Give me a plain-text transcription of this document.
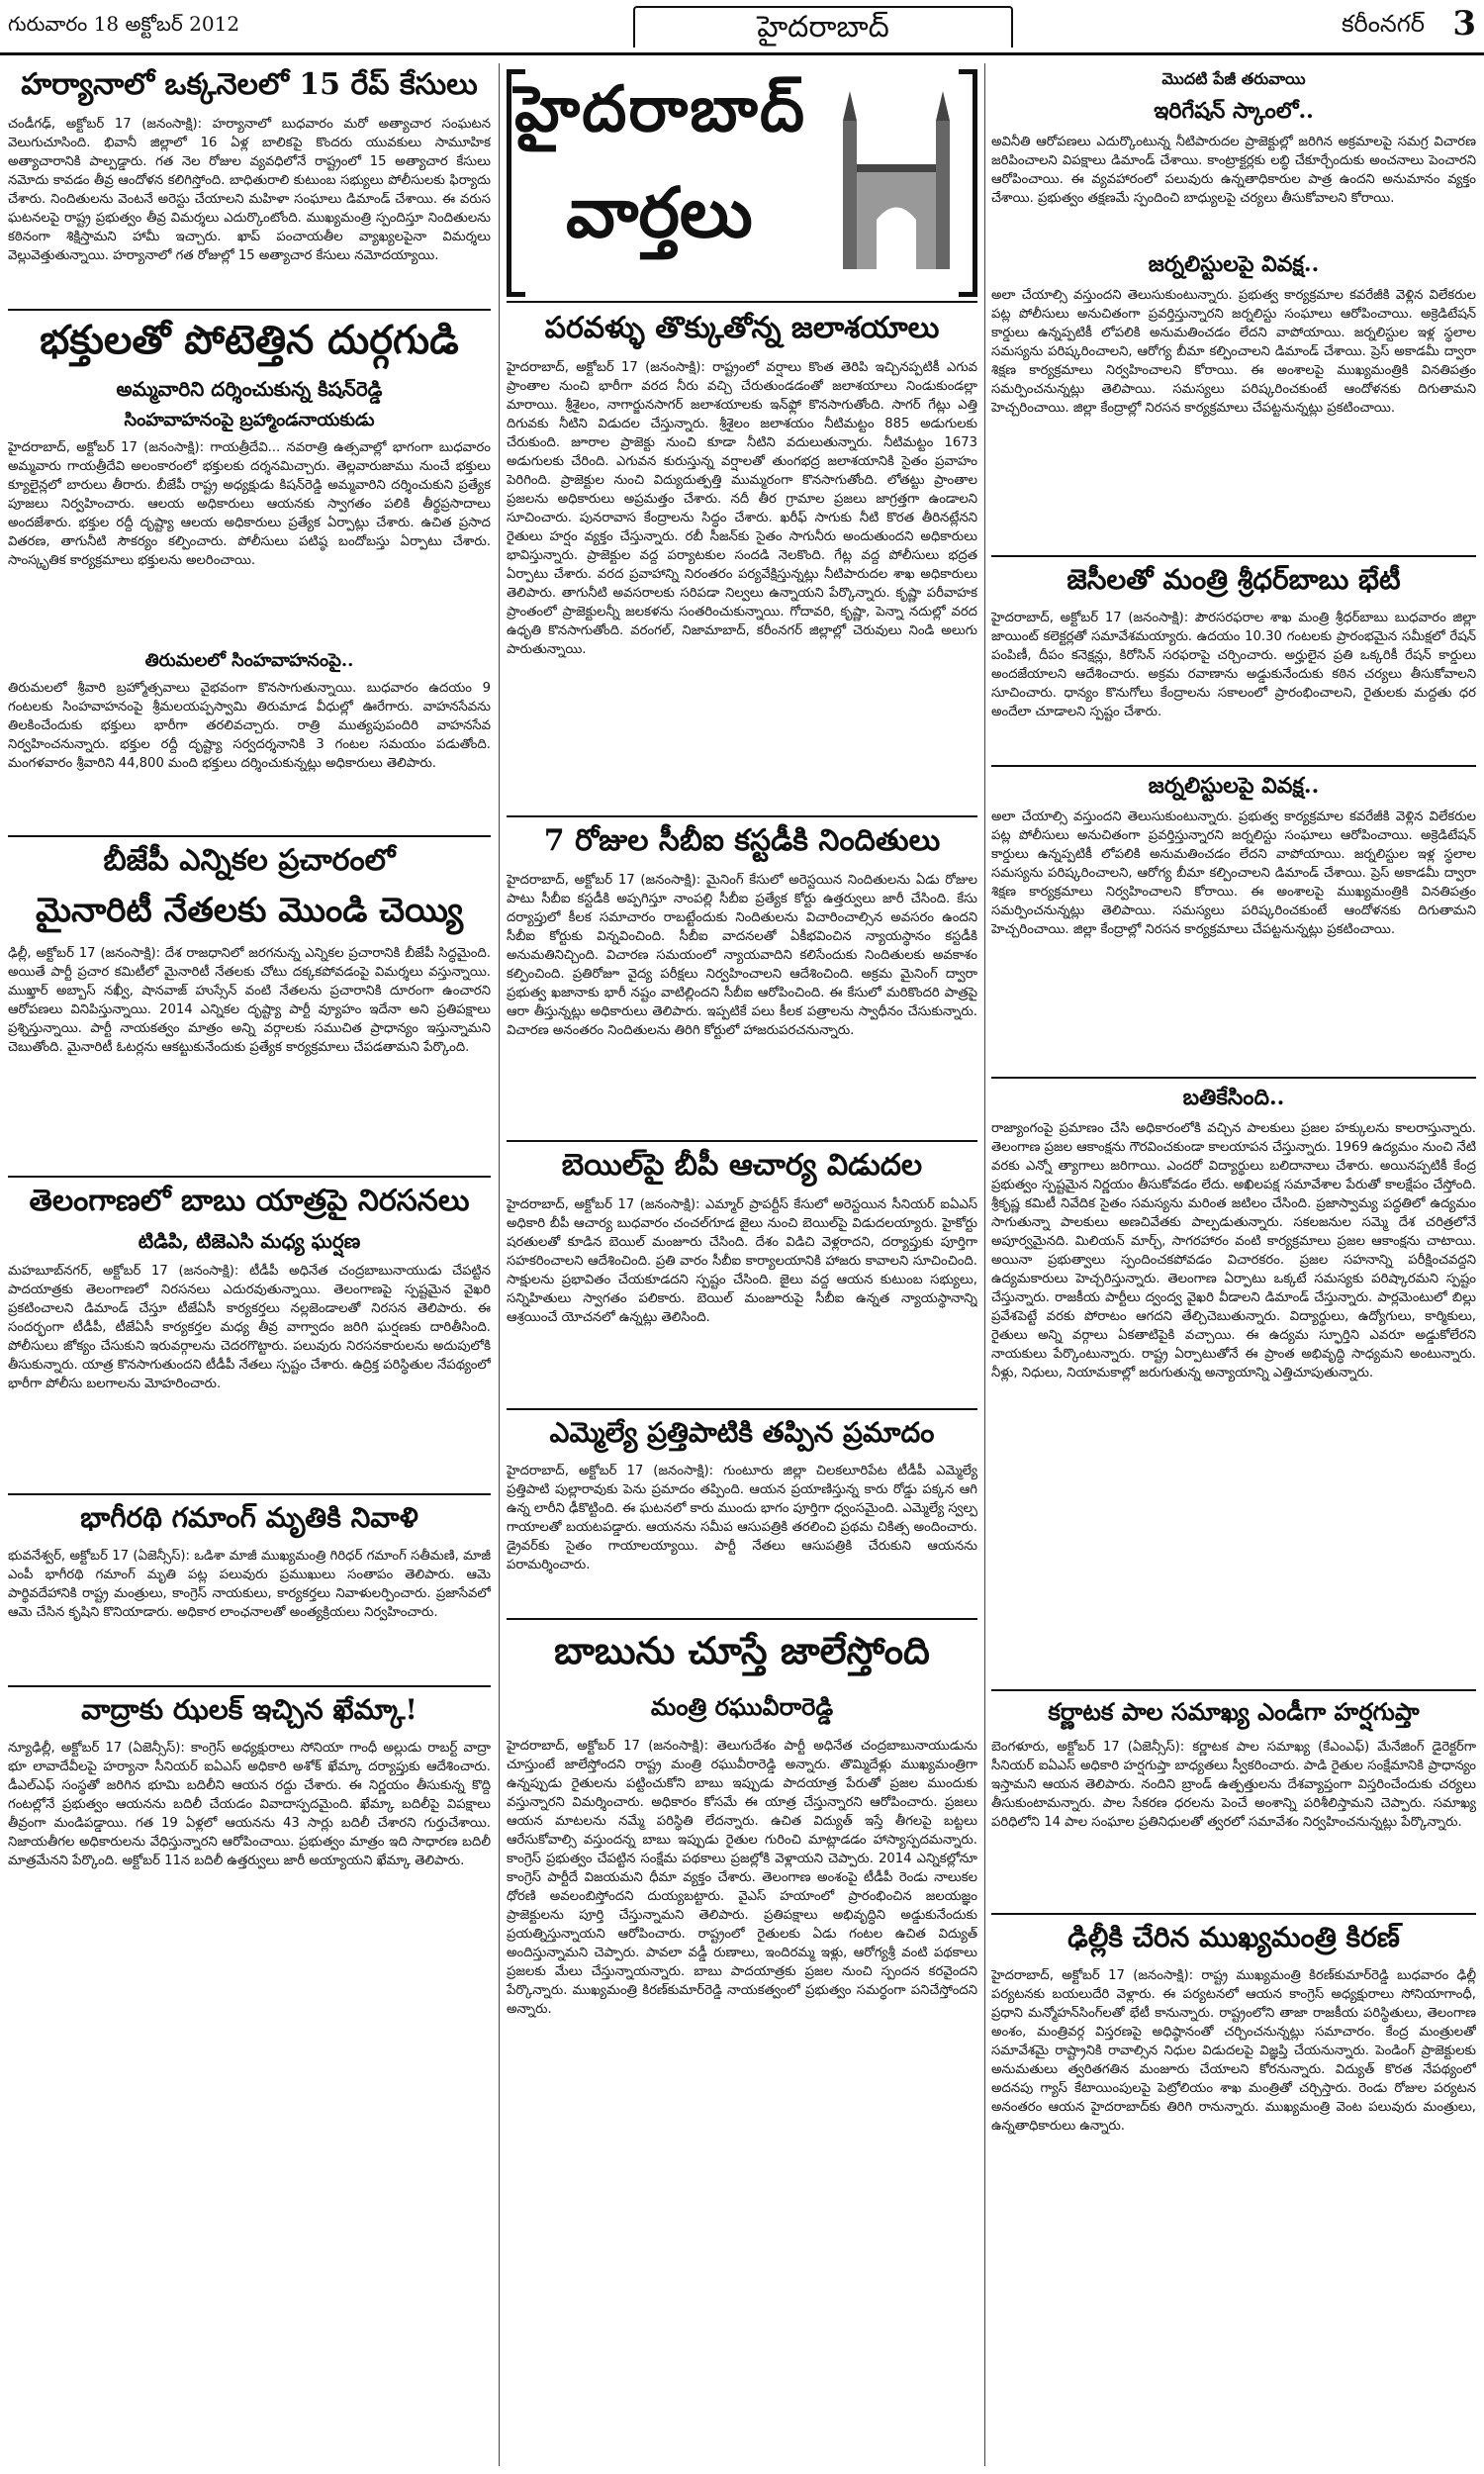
గురువారం 18 అక్టోబర్ 2012	హైదరాబాద్	కరీంనగర్ 3
హర్యానాలో ఒక్కనెలలో 15 రేప్ కేసులు

చండీగఢ్, అక్టోబర్ 17 (జనంసాక్షి): హర్యానాలో బుధవారం మరో అత్యాచార సంఘటన వెలుగుచూసింది. భివానీ జిల్లాలో 16 ఏళ్ల బాలికపై కొందరు యువకులు సామూహిక అత్యాచారానికి పాల్పడ్డారు. గత నెల రోజుల వ్యవధిలోనే రాష్ట్రంలో 15 అత్యాచార కేసులు నమోదు కావడం తీవ్ర ఆందోళన కలిగిస్తోంది. బాధితురాలి కుటుంబ సభ్యులు పోలీసులకు ఫిర్యాదు చేశారు. నిందితులను వెంటనే అరెస్టు చేయాలని మహిళా సంఘాలు డిమాండ్ చేశాయి. ఈ వరుస ఘటనలపై రాష్ట్ర ప్రభుత్వం తీవ్ర విమర్శలు ఎదుర్కొంటోంది. ముఖ్యమంత్రి స్పందిస్తూ నిందితులను కఠినంగా శిక్షిస్తామని హామీ ఇచ్చారు. ఖాప్ పంచాయతీల వ్యాఖ్యలపైనా విమర్శలు వెల్లువెత్తుతున్నాయి. హర్యానాలో గత రోజుల్లో 15 అత్యాచార కేసులు నమోదయ్యాయి.

భక్తులతో పోటెత్తిన దుర్గగుడి
అమ్మవారిని దర్శించుకున్న కిషన్‌రెడ్డి
సింహవాహనంపై బ్రహ్మాండనాయకుడు

హైదరాబాద్, అక్టోబర్ 17 (జనంసాక్షి): గాయత్రీదేవి... నవరాత్రి ఉత్సవాల్లో భాగంగా బుధవారం అమ్మవారు గాయత్రీదేవి అలంకారంలో భక్తులకు దర్శనమిచ్చారు. తెల్లవారుజాము నుంచే భక్తులు క్యూలైన్లలో బారులు తీరారు. బీజేపీ రాష్ట్ర అధ్యక్షుడు కిషన్‌రెడ్డి అమ్మవారిని దర్శించుకుని ప్రత్యేక పూజలు నిర్వహించారు. ఆలయ అధికారులు ఆయనకు స్వాగతం పలికి తీర్థప్రసాదాలు అందజేశారు. భక్తుల రద్దీ దృష్ట్యా ఆలయ అధికారులు ప్రత్యేక ఏర్పాట్లు చేశారు. ఉచిత ప్రసాద వితరణ, తాగునీటి సౌకర్యం కల్పించారు. పోలీసులు పటిష్ఠ బందోబస్తు ఏర్పాటు చేశారు. సాంస్కృతిక కార్యక్రమాలు భక్తులను అలరించాయి.

తిరుమలలో సింహవాహనంపై..

తిరుమలలో శ్రీవారి బ్రహ్మోత్సవాలు వైభవంగా కొనసాగుతున్నాయి. బుధవారం ఉదయం 9 గంటలకు సింహవాహనంపై శ్రీమలయప్పస్వామి తిరుమాడ వీధుల్లో ఊరేగారు. వాహనసేవను తిలకించేందుకు భక్తులు భారీగా తరలివచ్చారు. రాత్రి ముత్యపుపందిరి వాహనసేవ నిర్వహించనున్నారు. భక్తుల రద్దీ దృష్ట్యా సర్వదర్శనానికి 3 గంటల సమయం పడుతోంది. మంగళవారం శ్రీవారిని 44,800 మంది భక్తులు దర్శించుకున్నట్లు అధికారులు తెలిపారు.

బీజేపీ ఎన్నికల ప్రచారంలో
మైనారిటీ నేతలకు మొండి చెయ్యి

ఢిల్లీ, అక్టోబర్ 17 (జనంసాక్షి): దేశ రాజధానిలో జరగనున్న ఎన్నికల ప్రచారానికి బీజేపీ సిద్ధమైంది. అయితే పార్టీ ప్రచార కమిటీలో మైనారిటీ నేతలకు చోటు దక్కకపోవడంపై విమర్శలు వస్తున్నాయి. ముఖ్తార్ అబ్బాస్ నఖ్వీ, షానవాజ్ హుస్సేన్ వంటి నేతలను ప్రచారానికి దూరంగా ఉంచారని ఆరోపణలు వినిపిస్తున్నాయి. 2014 ఎన్నికల దృష్ట్యా పార్టీ వ్యూహం ఇదేనా అని ప్రతిపక్షాలు ప్రశ్నిస్తున్నాయి. పార్టీ నాయకత్వం మాత్రం అన్ని వర్గాలకు సముచిత ప్రాధాన్యం ఇస్తున్నామని చెబుతోంది. మైనారిటీ ఓటర్లను ఆకట్టుకునేందుకు ప్రత్యేక కార్యక్రమాలు చేపడతామని పేర్కొంది.

తెలంగాణలో బాబు యాత్రపై నిరసనలు
టిడిపి, టిజెఎసి మధ్య ఘర్షణ

మహబూబ్‌నగర్, అక్టోబర్ 17 (జనంసాక్షి): టీడీపీ అధినేత చంద్రబాబునాయుడు చేపట్టిన పాదయాత్రకు తెలంగాణలో నిరసనలు ఎదురవుతున్నాయి. తెలంగాణపై స్పష్టమైన వైఖరి ప్రకటించాలని డిమాండ్ చేస్తూ టీజేఏసీ కార్యకర్తలు నల్లజెండాలతో నిరసన తెలిపారు. ఈ సందర్భంగా టీడీపీ, టీజేఏసీ కార్యకర్తల మధ్య తీవ్ర వాగ్వాదం జరిగి ఘర్షణకు దారితీసింది. పోలీసులు జోక్యం చేసుకుని ఇరువర్గాలను చెదరగొట్టారు. పలువురు నిరసనకారులను అదుపులోకి తీసుకున్నారు. యాత్ర కొనసాగుతుందని టీడీపీ నేతలు స్పష్టం చేశారు. ఉద్రిక్త పరిస్థితుల నేపథ్యంలో భారీగా పోలీసు బలగాలను మోహరించారు.

భాగీరథి గమాంగ్ మృతికి నివాళి

భువనేశ్వర్, అక్టోబర్ 17 (ఏజెన్సీస్): ఒడిశా మాజీ ముఖ్యమంత్రి గిరిధర్ గమాంగ్ సతీమణి, మాజీ ఎంపీ భాగీరథి గమాంగ్ మృతి పట్ల పలువురు ప్రముఖులు సంతాపం తెలిపారు. ఆమె పార్థివదేహానికి రాష్ట్ర మంత్రులు, కాంగ్రెస్ నాయకులు, కార్యకర్తలు నివాళులర్పించారు. ప్రజాసేవలో ఆమె చేసిన కృషిని కొనియాడారు. అధికార లాంఛనాలతో అంత్యక్రియలు నిర్వహించారు.

వాద్రాకు ఝలక్ ఇచ్చిన ఖేమ్కా!

న్యూఢిల్లీ, అక్టోబర్ 17 (ఏజెన్సీస్): కాంగ్రెస్ అధ్యక్షురాలు సోనియా గాంధీ అల్లుడు రాబర్ట్ వాద్రా భూ లావాదేవీలపై హర్యానా సీనియర్ ఐఏఎస్ అధికారి అశోక్ ఖేమ్కా దర్యాప్తుకు ఆదేశించారు. డీఎల్‌ఎఫ్ సంస్థతో జరిగిన భూమి బదిలీని ఆయన రద్దు చేశారు. ఈ నిర్ణయం తీసుకున్న కొద్ది గంటల్లోనే ప్రభుత్వం ఆయనను బదిలీ చేయడం వివాదాస్పదమైంది. ఖేమ్కా బదిలీపై విపక్షాలు తీవ్రంగా మండిపడ్డాయి. గత 19 ఏళ్లలో ఆయనను 43 సార్లు బదిలీ చేశారని గుర్తుచేశాయి. నిజాయతీగల అధికారులను వేధిస్తున్నారని ఆరోపించాయి. ప్రభుత్వం మాత్రం ఇది సాధారణ బదిలీ మాత్రమేనని పేర్కొంది. అక్టోబర్ 11న బదిలీ ఉత్తర్వులు జారీ అయ్యాయని ఖేమ్కా తెలిపారు.

హైదరాబాద్
వార్తలు
పరవళ్ళు తొక్కుతోన్న జలాశయాలు

హైదరాబాద్, అక్టోబర్ 17 (జనంసాక్షి): రాష్ట్రంలో వర్షాలు కొంత తెరిపి ఇచ్చినప్పటికీ ఎగువ ప్రాంతాల నుంచి భారీగా వరద నీరు వచ్చి చేరుతుండడంతో జలాశయాలు నిండుకుండల్లా మారాయి. శ్రీశైలం, నాగార్జునసాగర్ జలాశయాలకు ఇన్‌ఫ్లో కొనసాగుతోంది. సాగర్ గేట్లు ఎత్తి దిగువకు నీటిని విడుదల చేస్తున్నారు. శ్రీశైలం జలాశయం నీటిమట్టం 885 అడుగులకు చేరుకుంది. జూరాల ప్రాజెక్టు నుంచి కూడా నీటిని వదులుతున్నారు. నీటిమట్టం 1673 అడుగులకు చేరింది. ఎగువన కురుస్తున్న వర్షాలతో తుంగభద్ర జలాశయానికి సైతం ప్రవాహం పెరిగింది. ప్రాజెక్టుల నుంచి విద్యుదుత్పత్తి ముమ్మరంగా కొనసాగుతోంది. లోతట్టు ప్రాంతాల ప్రజలను అధికారులు అప్రమత్తం చేశారు. నదీ తీర గ్రామాల ప్రజలు జాగ్రత్తగా ఉండాలని సూచించారు. పునరావాస కేంద్రాలను సిద్ధం చేశారు. ఖరీఫ్ సాగుకు నీటి కొరత తీరినట్లేనని రైతులు హర్షం వ్యక్తం చేస్తున్నారు. రబీ సీజన్‌కు సైతం సాగునీరు అందుతుందని అధికారులు భావిస్తున్నారు. ప్రాజెక్టుల వద్ద పర్యాటకుల సందడి నెలకొంది. గేట్ల వద్ద పోలీసులు భద్రత ఏర్పాటు చేశారు. వరద ప్రవాహాన్ని నిరంతరం పర్యవేక్షిస్తున్నట్లు నీటిపారుదల శాఖ అధికారులు తెలిపారు. తాగునీటి అవసరాలకు సరిపడా నిల్వలు ఉన్నాయని పేర్కొన్నారు. కృష్ణా పరీవాహక ప్రాంతంలో ప్రాజెక్టులన్నీ జలకళను సంతరించుకున్నాయి. గోదావరి, కృష్ణా, పెన్నా నదుల్లో వరద ఉధృతి కొనసాగుతోంది. వరంగల్, నిజామాబాద్, కరీంనగర్ జిల్లాల్లో చెరువులు నిండి అలుగు పారుతున్నాయి.

7 రోజుల సీబీఐ కస్టడీకి నిందితులు

హైదరాబాద్, అక్టోబర్ 17 (జనంసాక్షి): మైనింగ్ కేసులో అరెస్టయిన నిందితులను ఏడు రోజుల పాటు సీబీఐ కస్టడీకి అప్పగిస్తూ నాంపల్లి సీబీఐ ప్రత్యేక కోర్టు ఉత్తర్వులు జారీ చేసింది. కేసు దర్యాప్తులో కీలక సమాచారం రాబట్టేందుకు నిందితులను విచారించాల్సిన అవసరం ఉందని సీబీఐ కోర్టుకు విన్నవించింది. సీబీఐ వాదనలతో ఏకీభవించిన న్యాయస్థానం కస్టడీకి అనుమతినిచ్చింది. విచారణ సమయంలో న్యాయవాదిని కలిసేందుకు నిందితులకు అవకాశం కల్పించింది. ప్రతిరోజూ వైద్య పరీక్షలు నిర్వహించాలని ఆదేశించింది. అక్రమ మైనింగ్ ద్వారా ప్రభుత్వ ఖజానాకు భారీ నష్టం వాటిల్లిందని సీబీఐ ఆరోపించింది. ఈ కేసులో మరికొందరి పాత్రపై ఆరా తీస్తున్నట్లు అధికారులు తెలిపారు. ఇప్పటికే పలు కీలక పత్రాలను స్వాధీనం చేసుకున్నారు. విచారణ అనంతరం నిందితులను తిరిగి కోర్టులో హాజరుపరచనున్నారు.

బెయిల్‌పై బీపీ ఆచార్య విడుదల

హైదరాబాద్, అక్టోబర్ 17 (జనంసాక్షి): ఎమ్మార్ ప్రాపర్టీస్ కేసులో అరెస్టయిన సీనియర్ ఐఏఎస్ అధికారి బీపీ ఆచార్య బుధవారం చంచల్‌గూడ జైలు నుంచి బెయిల్‌పై విడుదలయ్యారు. హైకోర్టు షరతులతో కూడిన బెయిల్ మంజూరు చేసింది. దేశం విడిచి వెళ్లరాదని, దర్యాప్తుకు పూర్తిగా సహకరించాలని ఆదేశించింది. ప్రతి వారం సీబీఐ కార్యాలయానికి హాజరు కావాలని సూచించింది. సాక్షులను ప్రభావితం చేయకూడదని స్పష్టం చేసింది. జైలు వద్ద ఆయన కుటుంబ సభ్యులు, సన్నిహితులు స్వాగతం పలికారు. బెయిల్ మంజూరుపై సీబీఐ ఉన్నత న్యాయస్థానాన్ని ఆశ్రయించే యోచనలో ఉన్నట్లు తెలిసింది.

ఎమ్మెల్యే ప్రత్తిపాటికి తప్పిన ప్రమాదం

హైదరాబాద్, అక్టోబర్ 17 (జనంసాక్షి): గుంటూరు జిల్లా చిలకలూరిపేట టీడీపీ ఎమ్మెల్యే ప్రత్తిపాటి పుల్లారావుకు పెను ప్రమాదం తప్పింది. ఆయన ప్రయాణిస్తున్న కారు రోడ్డు పక్కన ఆగి ఉన్న లారీని ఢీకొట్టింది. ఈ ఘటనలో కారు ముందు భాగం పూర్తిగా ధ్వంసమైంది. ఎమ్మెల్యే స్వల్ప గాయాలతో బయటపడ్డారు. ఆయనను సమీప ఆసుపత్రికి తరలించి ప్రథమ చికిత్స అందించారు. డ్రైవర్‌కు సైతం గాయాలయ్యాయి. పార్టీ నేతలు ఆసుపత్రికి చేరుకుని ఆయనను పరామర్శించారు.

బాబును చూస్తే జాలేస్తోంది
మంత్రి రఘువీరారెడ్డి

హైదరాబాద్, అక్టోబర్ 17 (జనంసాక్షి): తెలుగుదేశం పార్టీ అధినేత చంద్రబాబునాయుడును చూస్తుంటే జాలేస్తోందని రాష్ట్ర మంత్రి రఘువీరారెడ్డి అన్నారు. తొమ్మిదేళ్లు ముఖ్యమంత్రిగా ఉన్నప్పుడు రైతులను పట్టించుకోని బాబు ఇప్పుడు పాదయాత్ర పేరుతో ప్రజల ముందుకు వస్తున్నారని విమర్శించారు. అధికారం కోసమే ఈ యాత్ర చేస్తున్నారని ఆరోపించారు. ప్రజలు ఆయన మాటలను నమ్మే పరిస్థితి లేదన్నారు. ఉచిత విద్యుత్ ఇస్తే తీగలపై బట్టలు ఆరేసుకోవాల్సి వస్తుందన్న బాబు ఇప్పుడు రైతుల గురించి మాట్లాడడం హాస్యాస్పదమన్నారు. కాంగ్రెస్ ప్రభుత్వం చేపట్టిన సంక్షేమ పథకాలు ప్రజల్లోకి వెళ్లాయని చెప్పారు. 2014 ఎన్నికల్లోనూ కాంగ్రెస్ పార్టీదే విజయమని ధీమా వ్యక్తం చేశారు. తెలంగాణ అంశంపై టీడీపీ రెండు నాలుకల ధోరణి అవలంబిస్తోందని దుయ్యబట్టారు. వైఎస్ హయాంలో ప్రారంభించిన జలయజ్ఞం ప్రాజెక్టులను పూర్తి చేస్తున్నామని తెలిపారు. ప్రతిపక్షాలు అభివృద్ధిని అడ్డుకునేందుకు ప్రయత్నిస్తున్నాయని ఆరోపించారు. రాష్ట్రంలో రైతులకు ఏడు గంటల ఉచిత విద్యుత్ అందిస్తున్నామని చెప్పారు. పావలా వడ్డీ రుణాలు, ఇందిరమ్మ ఇళ్లు, ఆరోగ్యశ్రీ వంటి పథకాలు ప్రజలకు మేలు చేస్తున్నాయన్నారు. బాబు పాదయాత్రకు ప్రజల నుంచి స్పందన కరవైందని పేర్కొన్నారు. ముఖ్యమంత్రి కిరణ్‌కుమార్‌రెడ్డి నాయకత్వంలో ప్రభుత్వం సమర్థంగా పనిచేస్తోందని అన్నారు.

మొదటి పేజీ తరువాయి
ఇరిగేషన్ స్కాంలో..

అవినీతి ఆరోపణలు ఎదుర్కొంటున్న నీటిపారుదల ప్రాజెక్టుల్లో జరిగిన అక్రమాలపై సమగ్ర విచారణ జరిపించాలని విపక్షాలు డిమాండ్ చేశాయి. కాంట్రాక్టర్లకు లబ్ధి చేకూర్చేందుకు అంచనాలు పెంచారని ఆరోపించాయి. ఈ వ్యవహారంలో పలువురు ఉన్నతాధికారుల పాత్ర ఉందని అనుమానం వ్యక్తం చేశాయి. ప్రభుత్వం తక్షణమే స్పందించి బాధ్యులపై చర్యలు తీసుకోవాలని కోరాయి.

జర్నలిస్టులపై వివక్ష..

అలా చేయాల్సి వస్తుందని తెలుసుకుంటున్నారు. ప్రభుత్వ కార్యక్రమాల కవరేజీకి వెళ్లిన విలేకరుల పట్ల పోలీసులు అనుచితంగా ప్రవర్తిస్తున్నారని జర్నలిస్టు సంఘాలు ఆరోపించాయి. అక్రెడిటేషన్ కార్డులు ఉన్నప్పటికీ లోపలికి అనుమతించడం లేదని వాపోయాయి. జర్నలిస్టుల ఇళ్ల స్థలాల సమస్యను పరిష్కరించాలని, ఆరోగ్య బీమా కల్పించాలని డిమాండ్ చేశాయి. ప్రెస్ అకాడమీ ద్వారా శిక్షణ కార్యక్రమాలు నిర్వహించాలని కోరాయి. ఈ అంశాలపై ముఖ్యమంత్రికి వినతిపత్రం సమర్పించనున్నట్లు తెలిపాయి. సమస్యలు పరిష్కరించకుంటే ఆందోళనకు దిగుతామని హెచ్చరించాయి. జిల్లా కేంద్రాల్లో నిరసన కార్యక్రమాలు చేపట్టనున్నట్లు ప్రకటించాయి.

జెసీలతో మంత్రి శ్రీధర్‌బాబు భేటీ

హైదరాబాద్, అక్టోబర్ 17 (జనంసాక్షి): పౌరసరఫరాల శాఖ మంత్రి శ్రీధర్‌బాబు బుధవారం జిల్లా జాయింట్ కలెక్టర్లతో సమావేశమయ్యారు. ఉదయం 10.30 గంటలకు ప్రారంభమైన సమీక్షలో రేషన్ పంపిణీ, దీపం కనెక్షన్లు, కిరోసిన్ సరఫరాపై చర్చించారు. అర్హులైన ప్రతి ఒక్కరికీ రేషన్ కార్డులు అందజేయాలని ఆదేశించారు. అక్రమ రవాణాను అడ్డుకునేందుకు కఠిన చర్యలు తీసుకోవాలని సూచించారు. ధాన్యం కొనుగోలు కేంద్రాలను సకాలంలో ప్రారంభించాలని, రైతులకు మద్దతు ధర అందేలా చూడాలని స్పష్టం చేశారు.

జర్నలిస్టులపై వివక్ష..

అలా చేయాల్సి వస్తుందని తెలుసుకుంటున్నారు. ప్రభుత్వ కార్యక్రమాల కవరేజీకి వెళ్లిన విలేకరుల పట్ల పోలీసులు అనుచితంగా ప్రవర్తిస్తున్నారని జర్నలిస్టు సంఘాలు ఆరోపించాయి. అక్రెడిటేషన్ కార్డులు ఉన్నప్పటికీ లోపలికి అనుమతించడం లేదని వాపోయాయి. జర్నలిస్టుల ఇళ్ల స్థలాల సమస్యను పరిష్కరించాలని, ఆరోగ్య బీమా కల్పించాలని డిమాండ్ చేశాయి. ప్రెస్ అకాడమీ ద్వారా శిక్షణ కార్యక్రమాలు నిర్వహించాలని కోరాయి. ఈ అంశాలపై ముఖ్యమంత్రికి వినతిపత్రం సమర్పించనున్నట్లు తెలిపాయి. సమస్యలు పరిష్కరించకుంటే ఆందోళనకు దిగుతామని హెచ్చరించాయి. జిల్లా కేంద్రాల్లో నిరసన కార్యక్రమాలు చేపట్టనున్నట్లు ప్రకటించాయి.

బతికేసింది..

రాజ్యాంగంపై ప్రమాణం చేసి అధికారంలోకి వచ్చిన పాలకులు ప్రజల హక్కులను కాలరాస్తున్నారు. తెలంగాణ ప్రజల ఆకాంక్షను గౌరవించకుండా కాలయాపన చేస్తున్నారు. 1969 ఉద్యమం నుంచి నేటి వరకు ఎన్నో త్యాగాలు జరిగాయి. ఎందరో విద్యార్థులు బలిదానాలు చేశారు. అయినప్పటికీ కేంద్ర ప్రభుత్వం స్పష్టమైన నిర్ణయం తీసుకోవడం లేదు. అఖిలపక్ష సమావేశాల పేరుతో కాలక్షేపం చేస్తోంది. శ్రీకృష్ణ కమిటీ నివేదిక సైతం సమస్యను మరింత జటిలం చేసింది. ప్రజాస్వామ్య పద్ధతిలో ఉద్యమం సాగుతున్నా పాలకులు అణచివేతకు పాల్పడుతున్నారు. సకలజనుల సమ్మె దేశ చరిత్రలోనే అపూర్వమైనది. మిలియన్ మార్చ్, సాగరహారం వంటి కార్యక్రమాలు ప్రజల ఆకాంక్షను చాటాయి. అయినా ప్రభుత్వాలు స్పందించకపోవడం విచారకరం. ప్రజల సహనాన్ని పరీక్షించవద్దని ఉద్యమకారులు హెచ్చరిస్తున్నారు. తెలంగాణ ఏర్పాటు ఒక్కటే సమస్యకు పరిష్కారమని స్పష్టం చేస్తున్నారు. రాజకీయ పార్టీలు ద్వంద్వ వైఖరి వీడాలని డిమాండ్ చేస్తున్నారు. పార్లమెంటులో బిల్లు ప్రవేశపెట్టే వరకు పోరాటం ఆగదని తేల్చిచెబుతున్నారు. విద్యార్థులు, ఉద్యోగులు, కార్మికులు, రైతులు అన్ని వర్గాలు ఏకతాటిపైకి వచ్చాయి. ఈ ఉద్యమ స్ఫూర్తిని ఎవరూ అడ్డుకోలేరని నాయకులు పేర్కొంటున్నారు. రాష్ట్ర ఏర్పాటుతోనే ఈ ప్రాంత అభివృద్ధి సాధ్యమని అంటున్నారు. నీళ్లు, నిధులు, నియామకాల్లో జరుగుతున్న అన్యాయాన్ని ఎత్తిచూపుతున్నారు.

కర్ణాటక పాల సమాఖ్య ఎండీగా హర్షగుప్తా

బెంగళూరు, అక్టోబర్ 17 (ఏజెన్సీస్): కర్ణాటక పాల సమాఖ్య (కేఎంఎఫ్) మేనేజింగ్ డైరెక్టర్‌గా సీనియర్ ఐఏఎస్ అధికారి హర్షగుప్తా బాధ్యతలు స్వీకరించారు. పాడి రైతుల సంక్షేమానికి ప్రాధాన్యం ఇస్తామని ఆయన తెలిపారు. నందిని బ్రాండ్ ఉత్పత్తులను దేశవ్యాప్తంగా విస్తరించేందుకు చర్యలు తీసుకుంటామన్నారు. పాల సేకరణ ధరలను పెంచే అంశాన్ని పరిశీలిస్తామని చెప్పారు. సమాఖ్య పరిధిలోని 14 పాల సంఘాల ప్రతినిధులతో త్వరలో సమావేశం నిర్వహించనున్నట్లు పేర్కొన్నారు.

ఢిల్లీకి చేరిన ముఖ్యమంత్రి కిరణ్

హైదరాబాద్, అక్టోబర్ 17 (జనంసాక్షి): రాష్ట్ర ముఖ్యమంత్రి కిరణ్‌కుమార్‌రెడ్డి బుధవారం ఢిల్లీ పర్యటనకు బయలుదేరి వెళ్లారు. ఈ పర్యటనలో ఆయన కాంగ్రెస్ అధ్యక్షురాలు సోనియాగాంధీ, ప్రధాని మన్మోహన్‌సింగ్‌లతో భేటీ కానున్నారు. రాష్ట్రంలోని తాజా రాజకీయ పరిస్థితులు, తెలంగాణ అంశం, మంత్రివర్గ విస్తరణపై అధిష్ఠానంతో చర్చించనున్నట్లు సమాచారం. కేంద్ర మంత్రులతో సమావేశమై రాష్ట్రానికి రావాల్సిన నిధుల విడుదలపై విజ్ఞప్తి చేయనున్నారు. పెండింగ్ ప్రాజెక్టులకు అనుమతులు త్వరితగతిన మంజూరు చేయాలని కోరనున్నారు. విద్యుత్ కొరత నేపథ్యంలో అదనపు గ్యాస్ కేటాయింపులపై పెట్రోలియం శాఖ మంత్రితో చర్చిస్తారు. రెండు రోజుల పర్యటన అనంతరం ఆయన హైదరాబాద్‌కు తిరిగి రానున్నారు. ముఖ్యమంత్రి వెంట పలువురు మంత్రులు, ఉన్నతాధికారులు ఉన్నారు.
